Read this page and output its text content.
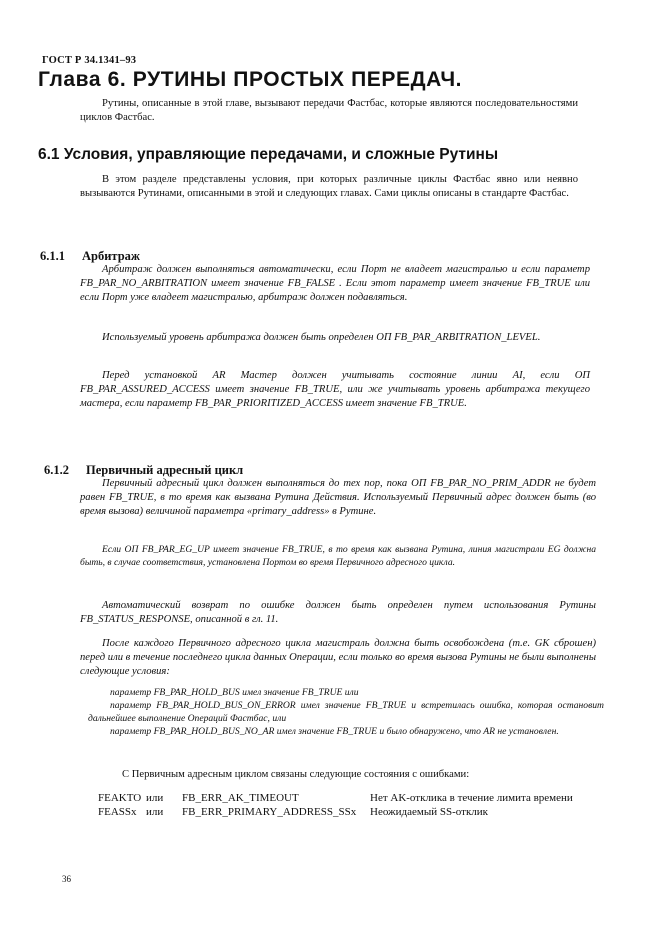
ГОСТ Р 34.1341–93
Глава 6. РУТИНЫ ПРОСТЫХ ПЕРЕДАЧ.

Рутины, описанные в этой главе, вызывают передачи Фастбас, которые являются последовательностями циклов Фастбас.

6.1 Условия, управляющие передачами, и сложные Рутины

В этом разделе представлены условия, при которых различные циклы Фастбас явно или неявно вызываются Рутинами, описанными в этой и следующих главах. Сами циклы описаны в стандарте Фастбас.

6.1.1 Арбитраж

Арбитраж должен выполняться автоматически, если Порт не владеет магистралью и если параметр FB_PAR_NO_ARBITRATION имеет значение FB_FALSE . Если этот параметр имеет значение FB_TRUE или если Порт уже владеет магистралью, арбитраж должен подавляться.

Используемый уровень арбитража должен быть определен ОП FB_PAR_ARBITRATION_LEVEL.

Перед установкой AR Мастер должен учитывать состояние линии AI, если ОП FB_PAR_ASSURED_ACCESS имеет значение FB_TRUE, или же учитывать уровень арбитража текущего мастера, если параметр FB_PAR_PRIORITIZED_ACCESS имеет значение FB_TRUE.

6.1.2 Первичный адресный цикл

Первичный адресный цикл должен выполняться до тех пор, пока ОП FB_PAR_NO_PRIM_ADDR не будет равен FB_TRUE, в то время как вызвана Рутина Действия. Используемый Первичный адрес должен быть (во время вызова) величиной параметра «primary_address» в Рутине.

Если ОП FB_PAR_EG_UP имеет значение FB_TRUE, в то время как вызвана Рутина, линия магистрали EG должна быть, в случае соответствия, установлена Портом во время Первичного адресного цикла.

Автоматический возврат по ошибке должен быть определен путем использования Рутины FB_STATUS_RESPONSE, описанной в гл. 11.

После каждого Первичного адресного цикла магистраль должна быть освобождена (т.е. GK сброшен) перед или в течение последнего цикла данных Операции, если только во время вызова Рутины не были выполнены следующие условия:

параметр FB_PAR_HOLD_BUS имел значение FB_TRUE или

параметр FB_PAR_HOLD_BUS_ON_ERROR имел значение FB_TRUE и встретилась ошибка, которая остановит дальнейшее выполнение Операций Фастбас, или

параметр FB_PAR_HOLD_BUS_NO_AR имел значение FB_TRUE и было обнаружено, что AR не установлен.

С Первичным адресным циклом связаны следующие состояния с ошибками:

FEAKTO или FB_ERR_AK_TIMEOUT	Нет AK-отклика в течение лимита времени
FEASSx или FB_ERR_PRIMARY_ADDRESS_SSx Неожидаемый SS-отклик
36
